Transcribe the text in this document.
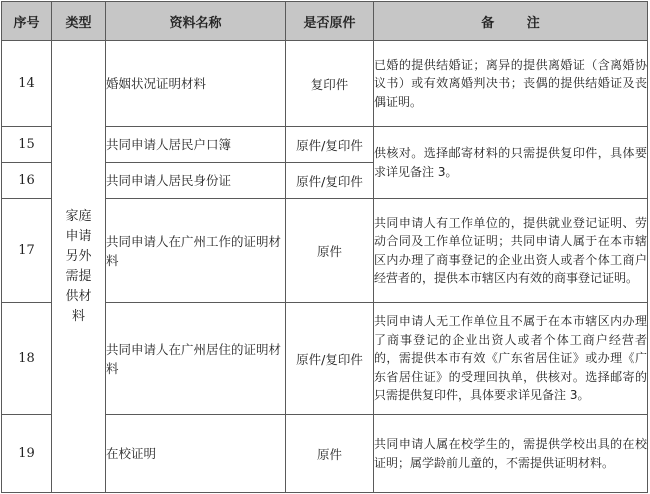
序号	类型	资料名称	是否原件	备 注
14	家庭申请另外需提供材料	婚姻状况证明材料	复印件	已婚的提供结婚证；离异的提供离婚证（含离婚协议书）或有效离婚判决书；丧偶的提供结婚证及丧偶证明。
15		共同申请人居民户口簿	原件/复印件	供核对。选择邮寄材料的只需提供复印件，具体要求详见备注 3。
16		共同申请人居民身份证	原件/复印件	
17		共同申请人在广州工作的证明材料	原件	共同申请人有工作单位的，提供就业登记证明、劳动合同及工作单位证明；共同申请人属于在本市辖区内办理了商事登记的企业出资人或者个体工商户经营者的，提供本市辖区内有效的商事登记证明。
18		共同申请人在广州居住的证明材料	原件/复印件	共同申请人无工作单位且不属于在本市辖区内办理了商事登记的企业出资人或者个体工商户经营者的，需提供本市有效《广东省居住证》或办理《广东省居住证》的受理回执单，供核对。选择邮寄的只需提供复印件，具体要求详见备注 3。
19		在校证明	原件	共同申请人属在校学生的，需提供学校出具的在校证明；属学龄前儿童的，不需提供证明材料。
